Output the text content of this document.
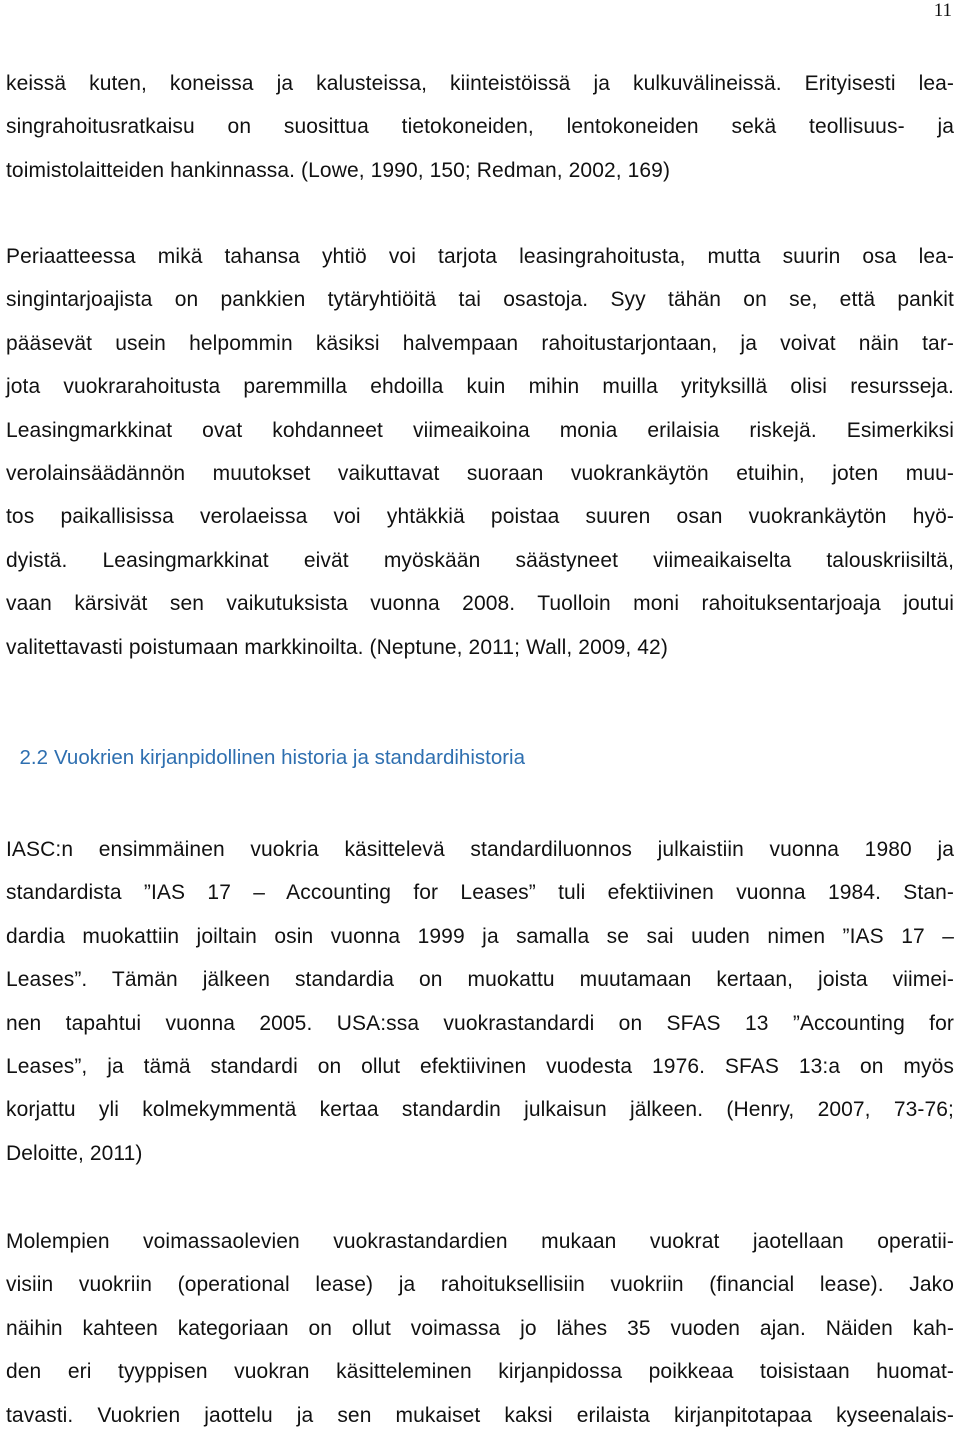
11
keissä kuten, koneissa ja kalusteissa, kiinteistöissä ja kulkuvälineissä. Erityisesti lea-
singrahoitusratkaisu on suosittua tietokoneiden, lentokoneiden sekä teollisuus- ja
toimistolaitteiden hankinnassa. (Lowe, 1990, 150; Redman, 2002, 169)
Periaatteessa mikä tahansa yhtiö voi tarjota leasingrahoitusta, mutta suurin osa lea-
singintarjoajista on pankkien tytäryhtiöitä tai osastoja. Syy tähän on se, että pankit
pääsevät usein helpommin käsiksi halvempaan rahoitustarjontaan, ja voivat näin tar-
jota vuokrarahoitusta paremmilla ehdoilla kuin mihin muilla yrityksillä olisi resursseja.
Leasingmarkkinat ovat kohdanneet viimeaikoina monia erilaisia riskejä. Esimerkiksi
verolainsäädännön muutokset vaikuttavat suoraan vuokrankäytön etuihin, joten muu-
tos paikallisissa verolaeissa voi yhtäkkiä poistaa suuren osan vuokrankäytön hyö-
dyistä. Leasingmarkkinat eivät myöskään säästyneet viimeaikaiselta talouskriisiltä,
vaan kärsivät sen vaikutuksista vuonna 2008. Tuolloin moni rahoituksentarjoaja joutui
valitettavasti poistumaan markkinoilta. (Neptune, 2011; Wall, 2009, 42)
2.2 Vuokrien kirjanpidollinen historia ja standardihistoria
IASC:n ensimmäinen vuokria käsittelevä standardiluonnos julkaistiin vuonna 1980 ja
standardista ”IAS 17 – Accounting for Leases” tuli efektiivinen vuonna 1984. Stan-
dardia muokattiin joiltain osin vuonna 1999 ja samalla se sai uuden nimen ”IAS 17 –
Leases”. Tämän jälkeen standardia on muokattu muutamaan kertaan, joista viimei-
nen tapahtui vuonna 2005. USA:ssa vuokrastandardi on SFAS 13 ”Accounting for
Leases”, ja tämä standardi on ollut efektiivinen vuodesta 1976. SFAS 13:a on myös
korjattu yli kolmekymmentä kertaa standardin julkaisun jälkeen. (Henry, 2007, 73-76;
Deloitte, 2011)
Molempien voimassaolevien vuokrastandardien mukaan vuokrat jaotellaan operatii-
visiin vuokriin (operational lease) ja rahoituksellisiin vuokriin (financial lease). Jako
näihin kahteen kategoriaan on ollut voimassa jo lähes 35 vuoden ajan. Näiden kah-
den eri tyyppisen vuokran käsitteleminen kirjanpidossa poikkeaa toisistaan huomat-
tavasti. Vuokrien jaottelu ja sen mukaiset kaksi erilaista kirjanpitotapaa kyseenalais-
